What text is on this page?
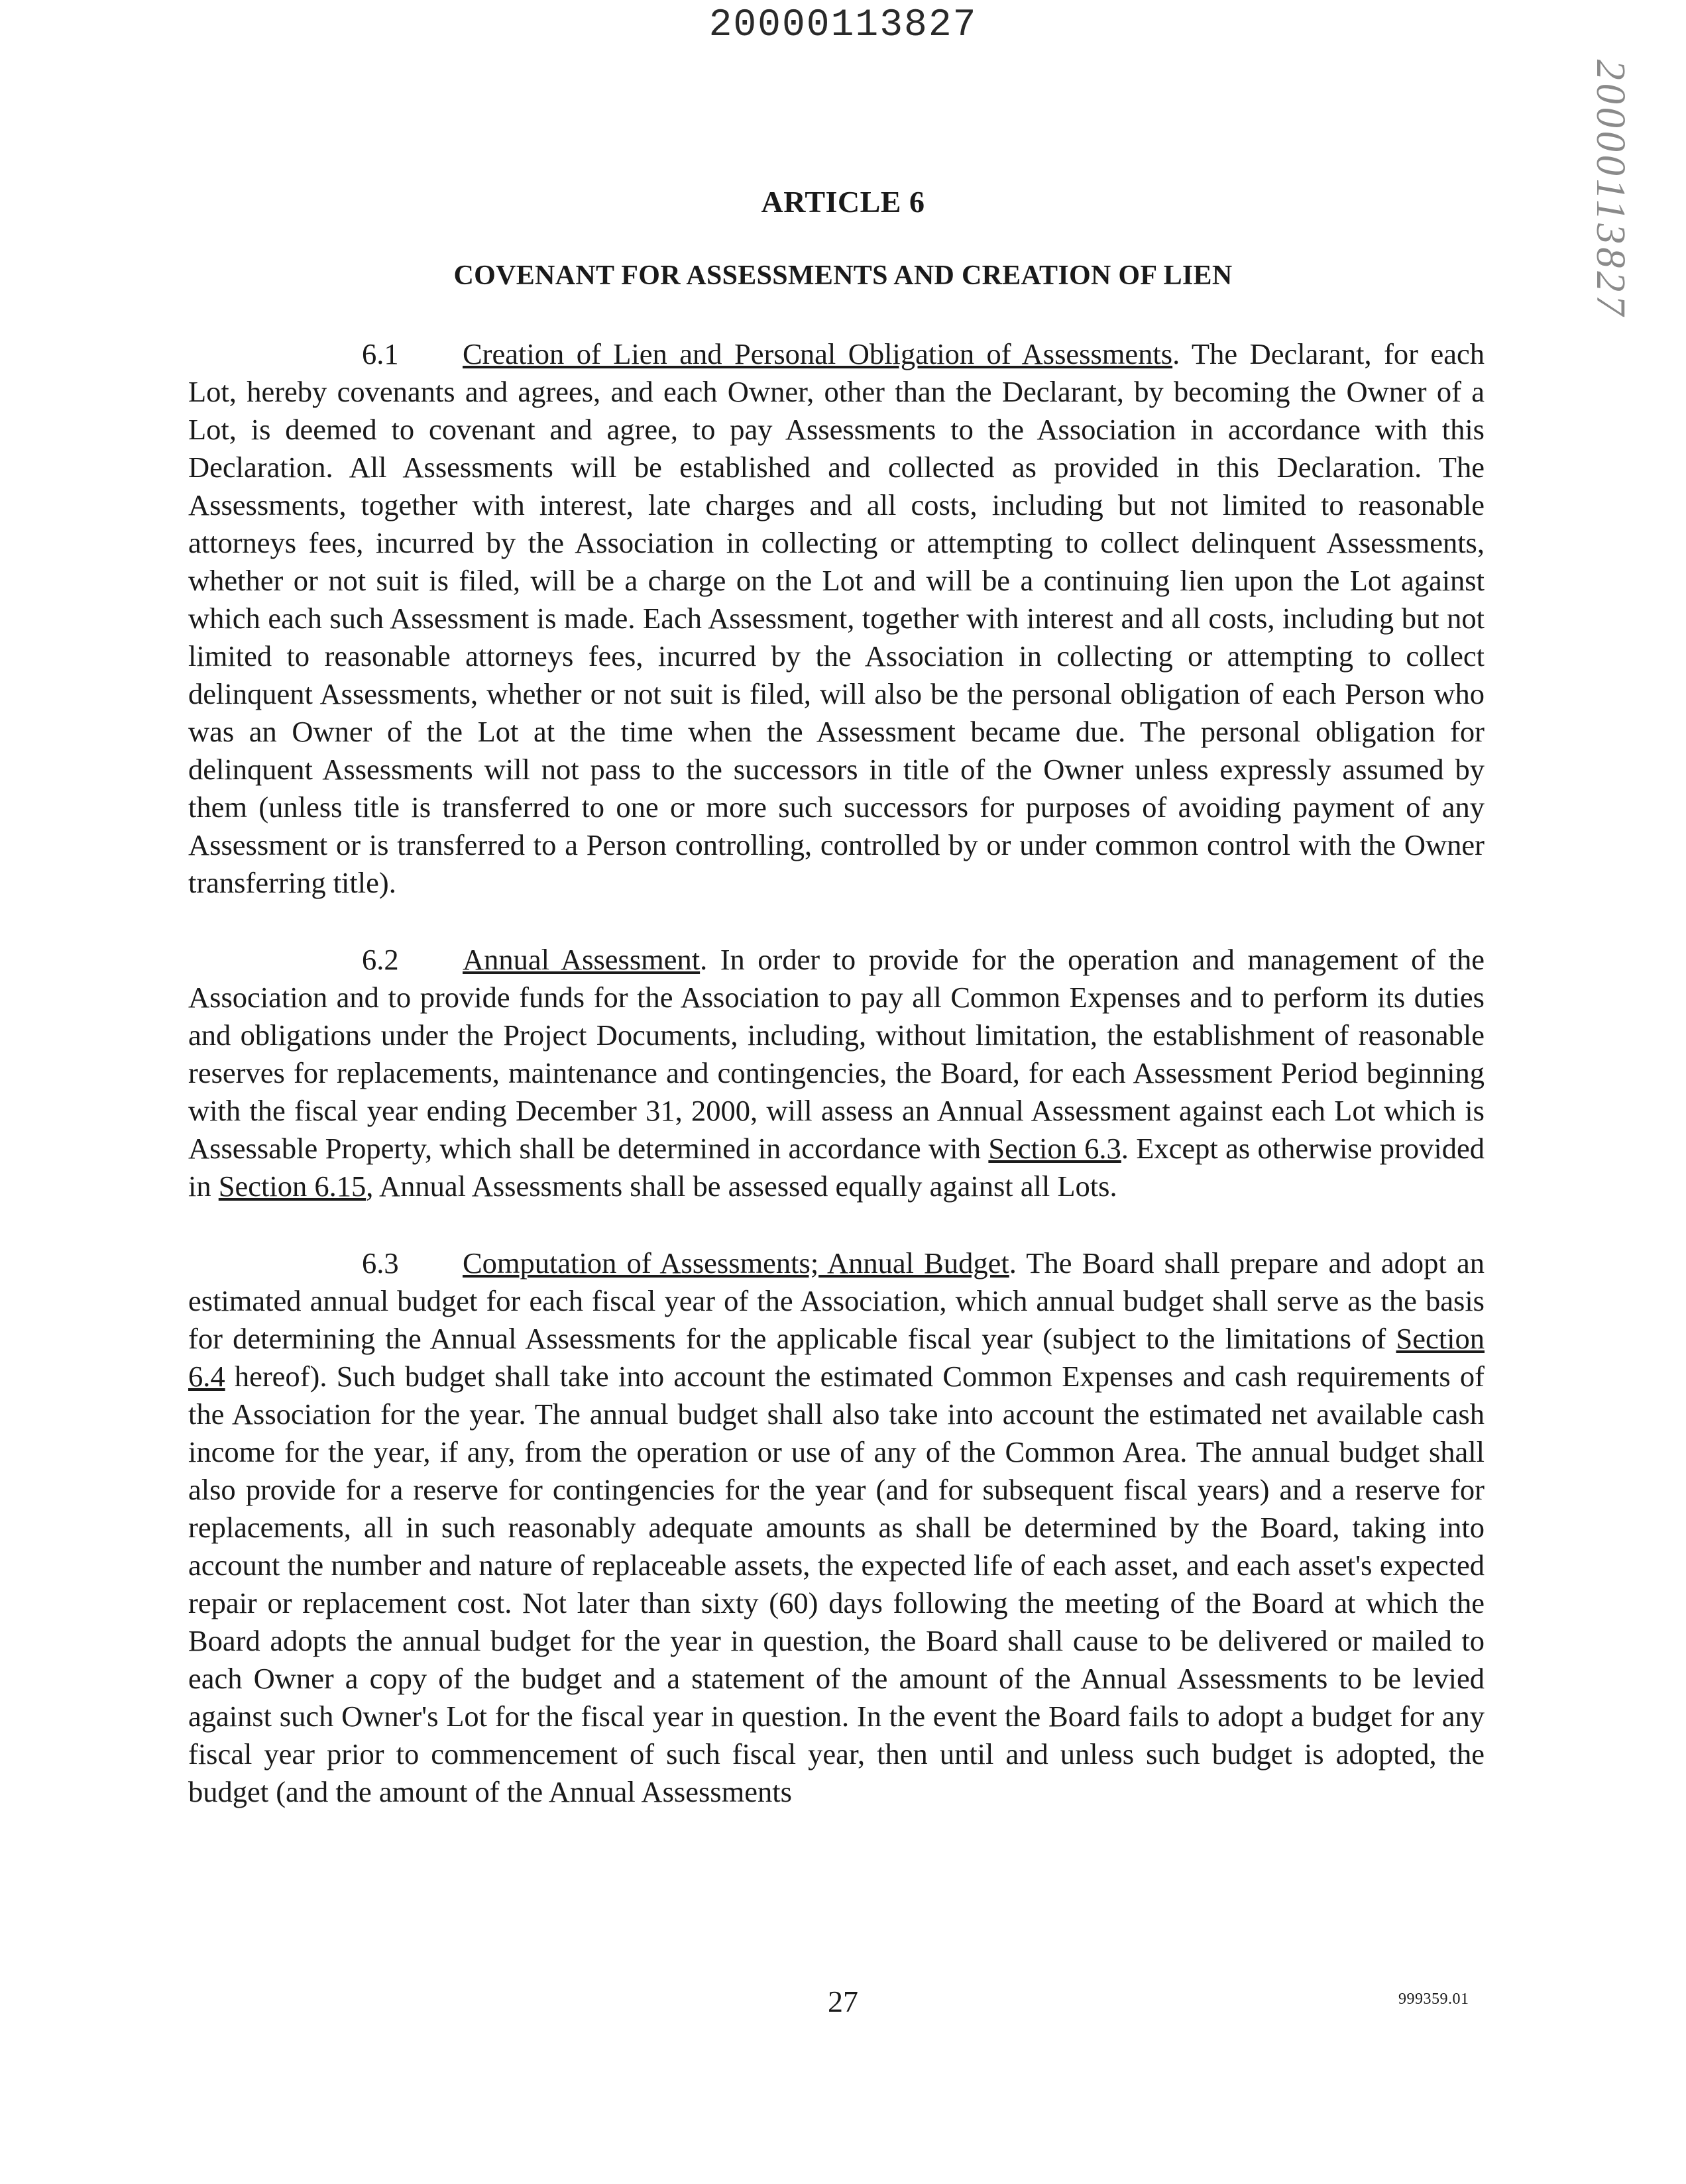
20000113827
20000113827
ARTICLE 6
COVENANT FOR ASSESSMENTS AND CREATION OF LIEN

6.1 Creation of Lien and Personal Obligation of Assessments. The Declarant, for each Lot, hereby covenants and agrees, and each Owner, other than the Declarant, by becoming the Owner of a Lot, is deemed to covenant and agree, to pay Assessments to the Association in accordance with this Declaration. All Assessments will be established and collected as provided in this Declaration. The Assessments, together with interest, late charges and all costs, including but not limited to reasonable attorneys fees, incurred by the Association in collecting or attempting to collect delinquent Assessments, whether or not suit is filed, will be a charge on the Lot and will be a continuing lien upon the Lot against which each such Assessment is made. Each Assessment, together with interest and all costs, including but not limited to reasonable attorneys fees, incurred by the Association in collecting or attempting to collect delinquent Assessments, whether or not suit is filed, will also be the personal obligation of each Person who was an Owner of the Lot at the time when the Assessment became due. The personal obligation for delinquent Assessments will not pass to the successors in title of the Owner unless expressly assumed by them (unless title is transferred to one or more such successors for purposes of avoiding payment of any Assessment or is transferred to a Person controlling, controlled by or under common control with the Owner transferring title).

6.2 Annual Assessment. In order to provide for the operation and management of the Association and to provide funds for the Association to pay all Common Expenses and to perform its duties and obligations under the Project Documents, including, without limitation, the establishment of reasonable reserves for replacements, maintenance and contingencies, the Board, for each Assessment Period beginning with the fiscal year ending December 31, 2000, will assess an Annual Assessment against each Lot which is Assessable Property, which shall be determined in accordance with Section 6.3. Except as otherwise provided in Section 6.15, Annual Assessments shall be assessed equally against all Lots.

6.3 Computation of Assessments; Annual Budget. The Board shall prepare and adopt an estimated annual budget for each fiscal year of the Association, which annual budget shall serve as the basis for determining the Annual Assessments for the applicable fiscal year (subject to the limitations of Section 6.4 hereof). Such budget shall take into account the estimated Common Expenses and cash requirements of the Association for the year. The annual budget shall also take into account the estimated net available cash income for the year, if any, from the operation or use of any of the Common Area. The annual budget shall also provide for a reserve for contingencies for the year (and for subsequent fiscal years) and a reserve for replacements, all in such reasonably adequate amounts as shall be determined by the Board, taking into account the number and nature of replaceable assets, the expected life of each asset, and each asset's expected repair or replacement cost. Not later than sixty (60) days following the meeting of the Board at which the Board adopts the annual budget for the year in question, the Board shall cause to be delivered or mailed to each Owner a copy of the budget and a statement of the amount of the Annual Assessments to be levied against such Owner's Lot for the fiscal year in question. In the event the Board fails to adopt a budget for any fiscal year prior to commencement of such fiscal year, then until and unless such budget is adopted, the budget (and the amount of the Annual Assessments

27	999359.01
